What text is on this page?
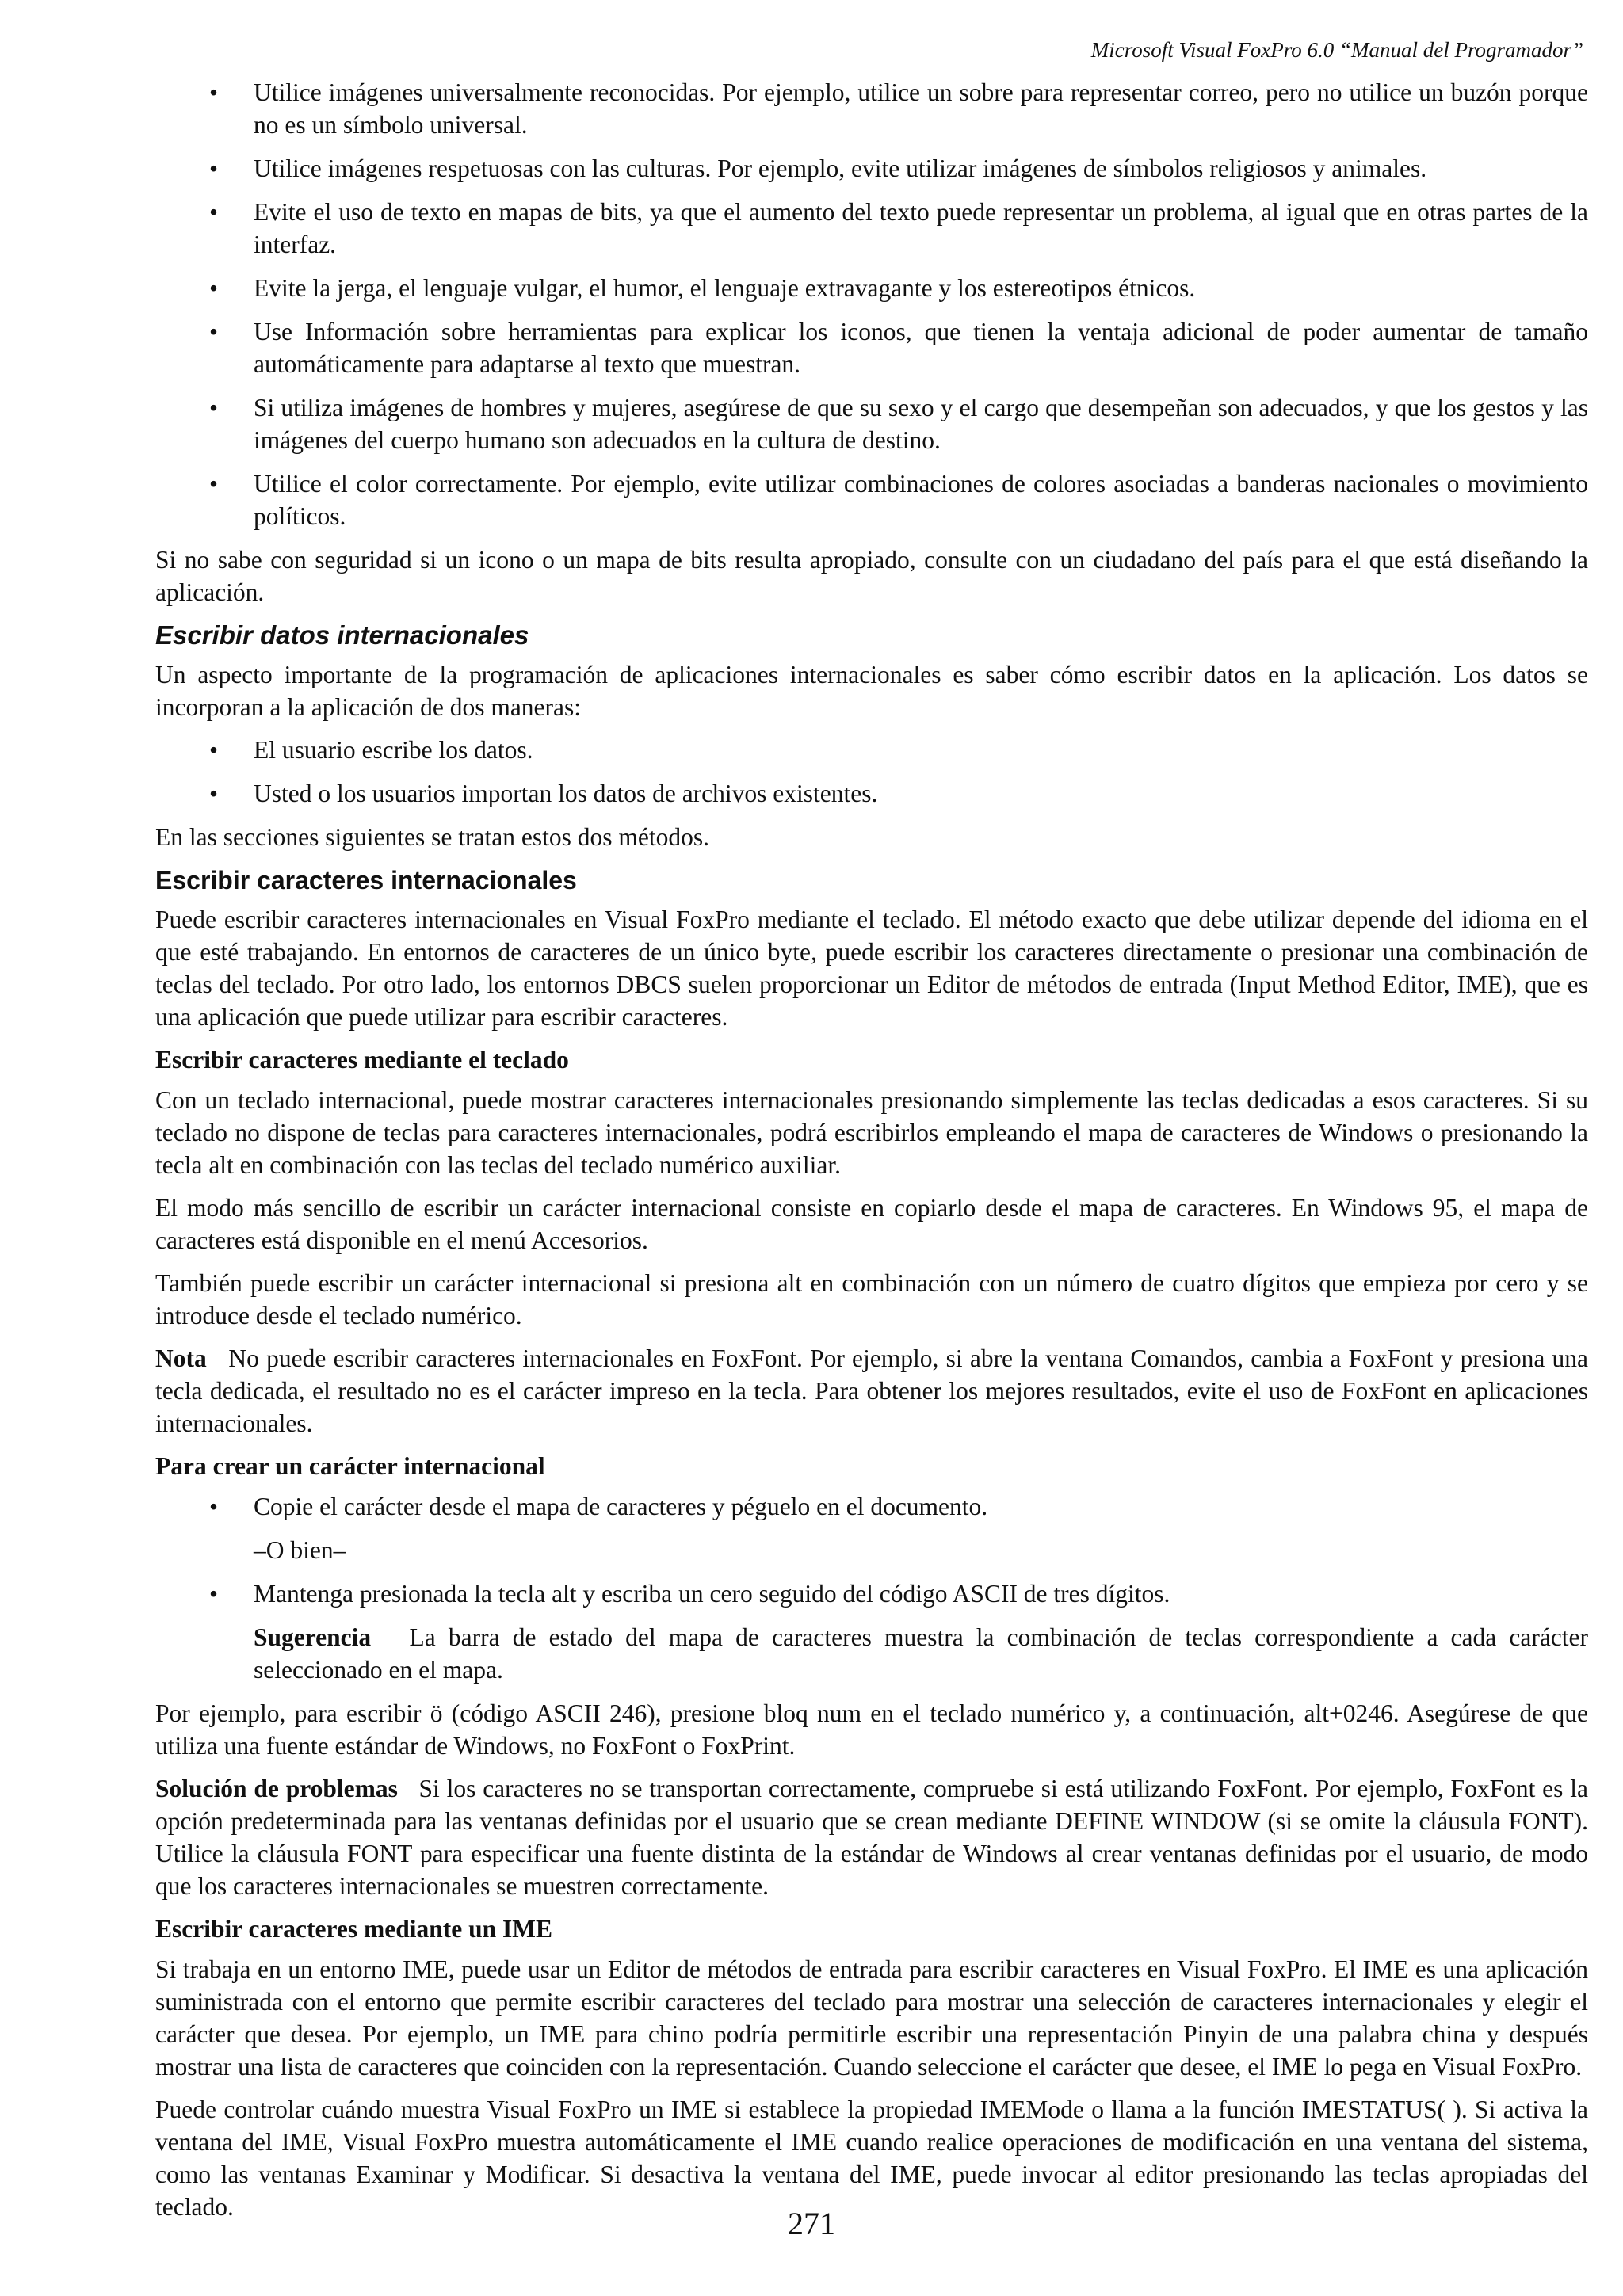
Microsoft Visual FoxPro 6.0 “Manual del Programador”
• Utilice imágenes universalmente reconocidas. Por ejemplo, utilice un sobre para representar correo, pero no utilice un buzón porque no es un símbolo universal.
• Utilice imágenes respetuosas con las culturas. Por ejemplo, evite utilizar imágenes de símbolos religiosos y animales.
• Evite el uso de texto en mapas de bits, ya que el aumento del texto puede representar un problema, al igual que en otras partes de la interfaz.
• Evite la jerga, el lenguaje vulgar, el humor, el lenguaje extravagante y los estereotipos étnicos.
• Use Información sobre herramientas para explicar los iconos, que tienen la ventaja adicional de poder aumentar de tamaño automáticamente para adaptarse al texto que muestran.
• Si utiliza imágenes de hombres y mujeres, asegúrese de que su sexo y el cargo que desempeñan son adecuados, y que los gestos y las imágenes del cuerpo humano son adecuados en la cultura de destino.
• Utilice el color correctamente. Por ejemplo, evite utilizar combinaciones de colores asociadas a banderas nacionales o movimiento políticos.

Si no sabe con seguridad si un icono o un mapa de bits resulta apropiado, consulte con un ciudadano del país para el que está diseñando la aplicación.

Escribir datos internacionales

Un aspecto importante de la programación de aplicaciones internacionales es saber cómo escribir datos en la aplicación. Los datos se incorporan a la aplicación de dos maneras:

• El usuario escribe los datos.
• Usted o los usuarios importan los datos de archivos existentes.

En las secciones siguientes se tratan estos dos métodos.

Escribir caracteres internacionales

Puede escribir caracteres internacionales en Visual FoxPro mediante el teclado. El método exacto que debe utilizar depende del idioma en el que esté trabajando. En entornos de caracteres de un único byte, puede escribir los caracteres directamente o presionar una combinación de teclas del teclado. Por otro lado, los entornos DBCS suelen proporcionar un Editor de métodos de entrada (Input Method Editor, IME), que es una aplicación que puede utilizar para escribir caracteres.

Escribir caracteres mediante el teclado

Con un teclado internacional, puede mostrar caracteres internacionales presionando simplemente las teclas dedicadas a esos caracteres. Si su teclado no dispone de teclas para caracteres internacionales, podrá escribirlos empleando el mapa de caracteres de Windows o presionando la tecla alt en combinación con las teclas del teclado numérico auxiliar.

El modo más sencillo de escribir un carácter internacional consiste en copiarlo desde el mapa de caracteres. En Windows 95, el mapa de caracteres está disponible en el menú Accesorios.

También puede escribir un carácter internacional si presiona alt en combinación con un número de cuatro dígitos que empieza por cero y se introduce desde el teclado numérico.

Nota No puede escribir caracteres internacionales en FoxFont. Por ejemplo, si abre la ventana Comandos, cambia a FoxFont y presiona una tecla dedicada, el resultado no es el carácter impreso en la tecla. Para obtener los mejores resultados, evite el uso de FoxFont en aplicaciones internacionales.

Para crear un carácter internacional
• Copie el carácter desde el mapa de caracteres y péguelo en el documento.
–O bien–
• Mantenga presionada la tecla alt y escriba un cero seguido del código ASCII de tres dígitos.
Sugerencia La barra de estado del mapa de caracteres muestra la combinación de teclas correspondiente a cada carácter seleccionado en el mapa.

Por ejemplo, para escribir ö (código ASCII 246), presione bloq num en el teclado numérico y, a continuación, alt+0246. Asegúrese de que utiliza una fuente estándar de Windows, no FoxFont o FoxPrint.

Solución de problemas Si los caracteres no se transportan correctamente, compruebe si está utilizando FoxFont. Por ejemplo, FoxFont es la opción predeterminada para las ventanas definidas por el usuario que se crean mediante DEFINE WINDOW (si se omite la cláusula FONT). Utilice la cláusula FONT para especificar una fuente distinta de la estándar de Windows al crear ventanas definidas por el usuario, de modo que los caracteres internacionales se muestren correctamente.

Escribir caracteres mediante un IME

Si trabaja en un entorno IME, puede usar un Editor de métodos de entrada para escribir caracteres en Visual FoxPro. El IME es una aplicación suministrada con el entorno que permite escribir caracteres del teclado para mostrar una selección de caracteres internacionales y elegir el carácter que desea. Por ejemplo, un IME para chino podría permitirle escribir una representación Pinyin de una palabra china y después mostrar una lista de caracteres que coinciden con la representación. Cuando seleccione el carácter que desee, el IME lo pega en Visual FoxPro.

Puede controlar cuándo muestra Visual FoxPro un IME si establece la propiedad IMEMode o llama a la función IMESTATUS( ). Si activa la ventana del IME, Visual FoxPro muestra automáticamente el IME cuando realice operaciones de modificación en una ventana del sistema, como las ventanas Examinar y Modificar. Si desactiva la ventana del IME, puede invocar al editor presionando las teclas apropiadas del teclado.	271
